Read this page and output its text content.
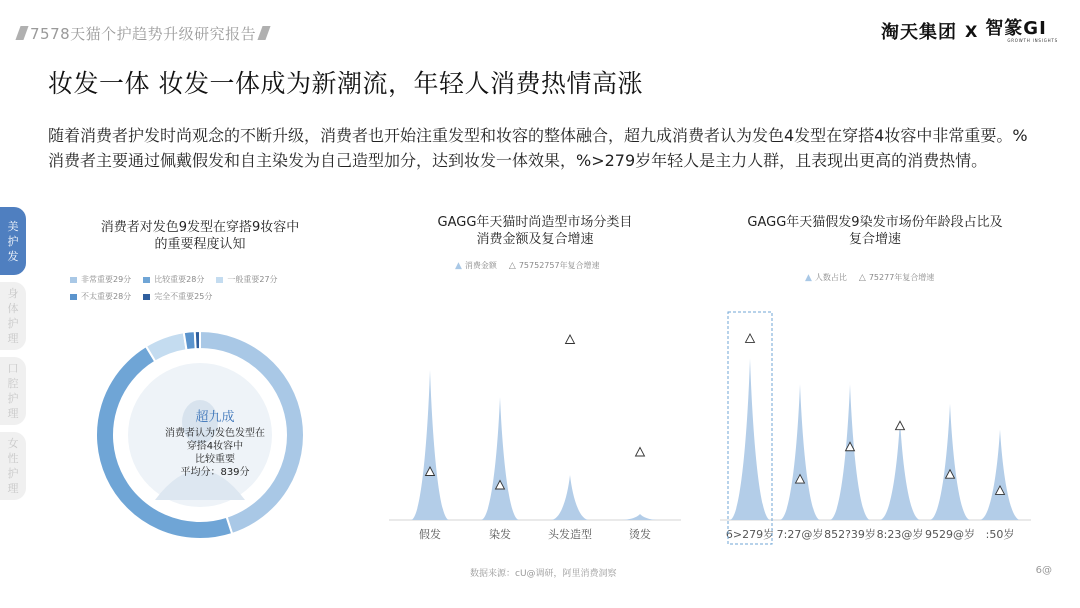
7578天猫个护趋势升级研究报告	淘天集团 X 智篆GI
GROWTH INSIGHTS
妆发一体 妆发一体成为新潮流，年轻人消费热情高涨
随着消费者护发时尚观念的不断升级，消费者也开始注重发型和妆容的整体融合，超九成消费者认为发色4发型在穿搭4妆容中非常重要。%消费者主要通过佩戴假发和自主染发为自己造型加分，达到妆发一体效果，%>279岁年轻人是主力人群，且表现出更高的消费热情。
美护发
身体护理
口腔护理
女性护理
消费者对发色9发型在穿搭9妆容中
的重要程度认知
非常重要29分	比较重要28分	一般重要27分
不太重要28分	完全不重要25分
超九成
消费者认为发色发型在
穿搭4妆容中
比较重要
平均分：839分
GAGG年天猫时尚造型市场分类目
消费金额及复合增速
▲ 消费金额 △ 75752757年复合增速
假发	染发	头发造型	烫发
GAGG年天猫假发9染发市场份年龄段占比及
复合增速
▲ 人数占比 △ 75277年复合增速
6>279岁 7:27@岁 852?39岁 8:23@岁 9529@岁 :50岁
数据来源：cU@调研，阿里消费洞察	6@
